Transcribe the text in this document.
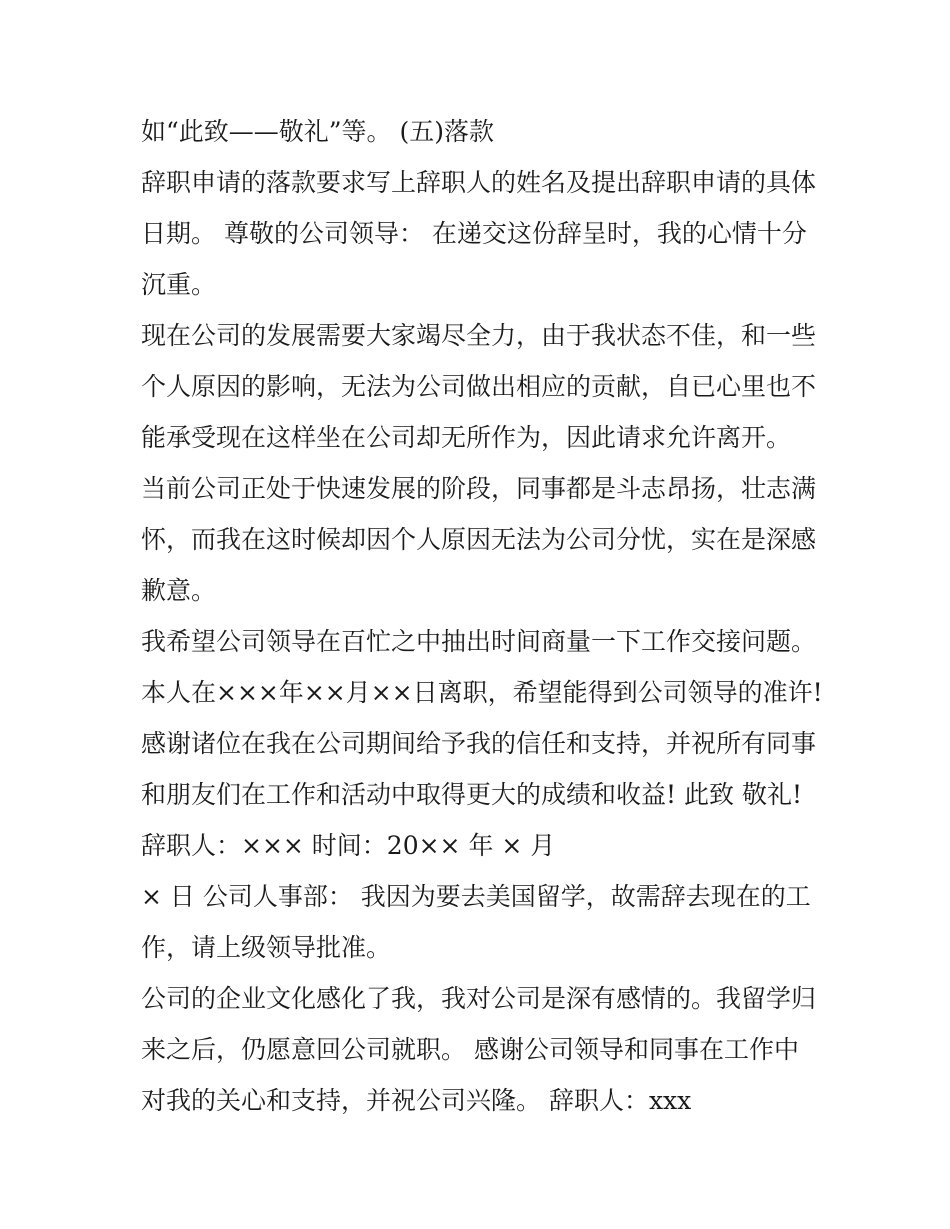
如“此致——敬礼”等。 (五)落款
辞职申请的落款要求写上辞职人的姓名及提出辞职申请的具体
日期。 尊敬的公司领导： 在递交这份辞呈时，我的心情十分
沉重。
现在公司的发展需要大家竭尽全力，由于我状态不佳，和一些
个人原因的影响，无法为公司做出相应的贡献，自已心里也不
能承受现在这样坐在公司却无所作为，因此请求允许离开。
当前公司正处于快速发展的阶段，同事都是斗志昂扬，壮志满
怀，而我在这时候却因个人原因无法为公司分忧，实在是深感
歉意。
我希望公司领导在百忙之中抽出时间商量一下工作交接问题。
本人在×××年××月××日离职，希望能得到公司领导的准许!
感谢诸位在我在公司期间给予我的信任和支持，并祝所有同事
和朋友们在工作和活动中取得更大的成绩和收益! 此致 敬礼!
辞职人：××× 时间：20×× 年 × 月
× 日 公司人事部： 我因为要去美国留学，故需辞去现在的工
作，请上级领导批准。
公司的企业文化感化了我，我对公司是深有感情的。我留学归
来之后，仍愿意回公司就职。 感谢公司领导和同事在工作中
对我的关心和支持，并祝公司兴隆。 辞职人：xxx
